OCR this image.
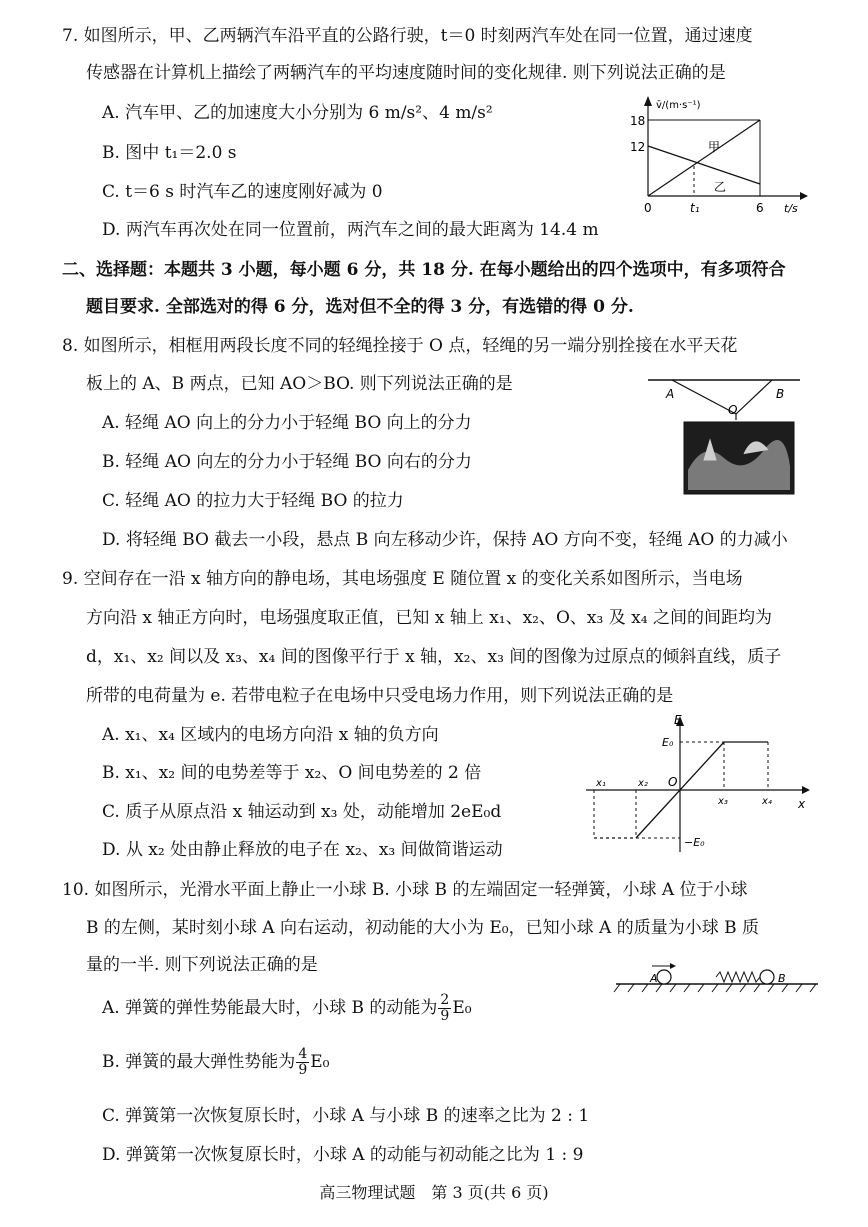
7. 如图所示，甲、乙两辆汽车沿平直的公路行驶，t＝0 时刻两汽车处在同一位置，通过速度
传感器在计算机上描绘了两辆汽车的平均速度随时间的变化规律. 则下列说法正确的是
A. 汽车甲、乙的加速度大小分别为 6 m/s²、4 m/s²
B. 图中 t₁＝2.0 s
C. t＝6 s 时汽车乙的速度刚好减为 0
D. 两汽车再次处在同一位置前，两汽车之间的最大距离为 14.4 m
v̄/(m·s⁻¹)
18
12
0	t₁	6 t/s
甲
乙
二、选择题：本题共 3 小题，每小题 6 分，共 18 分. 在每小题给出的四个选项中，有多项符合
题目要求. 全部选对的得 6 分，选对但不全的得 3 分，有选错的得 0 分.
8. 如图所示，相框用两段长度不同的轻绳拴接于 O 点，轻绳的另一端分别拴接在水平天花
板上的 A、B 两点，已知 AO＞BO. 则下列说法正确的是
A. 轻绳 AO 向上的分力小于轻绳 BO 向上的分力
B. 轻绳 AO 向左的分力小于轻绳 BO 向右的分力
C. 轻绳 AO 的拉力大于轻绳 BO 的拉力
D. 将轻绳 BO 截去一小段，悬点 B 向左移动少许，保持 AO 方向不变，轻绳 AO 的力减小
A	B
O
9. 空间存在一沿 x 轴方向的静电场，其电场强度 E 随位置 x 的变化关系如图所示，当电场
方向沿 x 轴正方向时，电场强度取正值，已知 x 轴上 x₁、x₂、O、x₃ 及 x₄ 之间的间距均为
d，x₁、x₂ 间以及 x₃、x₄ 间的图像平行于 x 轴，x₂、x₃ 间的图像为过原点的倾斜直线，质子
所带的电荷量为 e. 若带电粒子在电场中只受电场力作用，则下列说法正确的是
A. x₁、x₄ 区域内的电场方向沿 x 轴的负方向
B. x₁、x₂ 间的电势差等于 x₂、O 间电势差的 2 倍
C. 质子从原点沿 x 轴运动到 x₃ 处，动能增加 2eE₀d
D. 从 x₂ 处由静止释放的电子在 x₂、x₃ 间做简谐运动
E
E₀
−E₀
O
x
x₁	x₂
x₃	x₄
10. 如图所示，光滑水平面上静止一小球 B. 小球 B 的左端固定一轻弹簧，小球 A 位于小球
B 的左侧，某时刻小球 A 向右运动，初动能的大小为 E₀，已知小球 A 的质量为小球 B 质
量的一半. 则下列说法正确的是
A. 弹簧的弹性势能最大时，小球 B 的动能为 $\frac{2}{9} E_0$
B. 弹簧的最大弹性势能为 $\frac{4}{9} E_0$
C. 弹簧第一次恢复原长时，小球 A 与小球 B 的速率之比为 2 : 1
D. 弹簧第一次恢复原长时，小球 A 的动能与初动能之比为 1 : 9
A	B
高三物理试题　第 3 页(共 6 页)
